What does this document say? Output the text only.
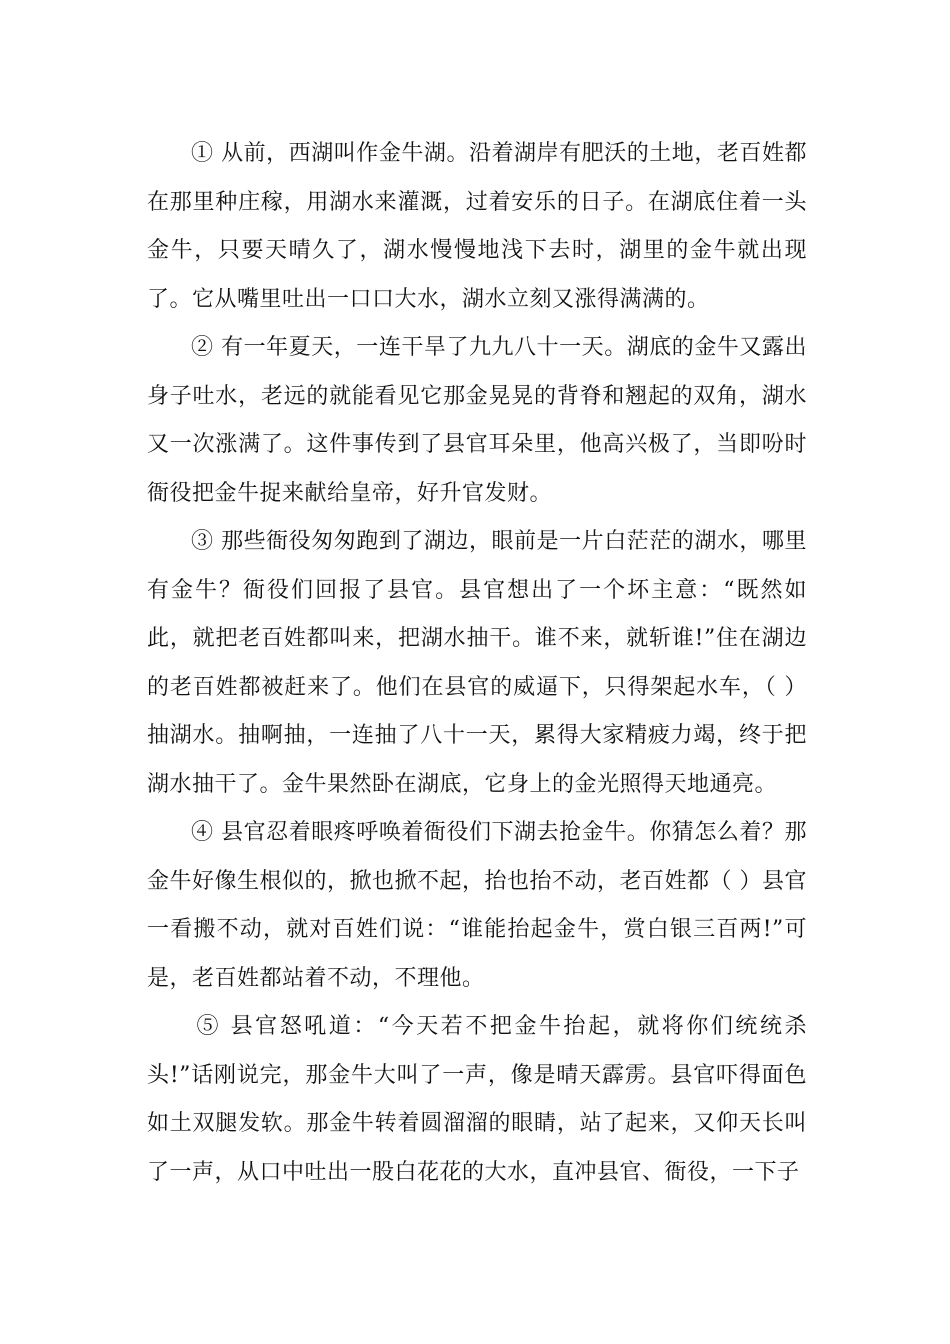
① 从前，西湖叫作金牛湖。沿着湖岸有肥沃的土地，老百姓都在那里种庄稼，用湖水来灌溉，过着安乐的日子。在湖底住着一头金牛，只要天晴久了，湖水慢慢地浅下去时，湖里的金牛就出现了。它从嘴里吐出一口口大水，湖水立刻又涨得满满的。

② 有一年夏天，一连干旱了九九八十一天。湖底的金牛又露出身子吐水，老远的就能看见它那金晃晃的背脊和翘起的双角，湖水又一次涨满了。这件事传到了县官耳朵里，他高兴极了，当即吩时衙役把金牛捉来献给皇帝，好升官发财。

③ 那些衙役匆匆跑到了湖边，眼前是一片白茫茫的湖水，哪里有金牛？衙役们回报了县官。县官想出了一个坏主意：“既然如此，就把老百姓都叫来，把湖水抽干。谁不来，就斩谁!”住在湖边的老百姓都被赶来了。他们在县官的威逼下，只得架起水车，（ ）抽湖水。抽啊抽，一连抽了八十一天，累得大家精疲力竭，终于把湖水抽干了。金牛果然卧在湖底，它身上的金光照得天地通亮。

④ 县官忍着眼疼呼唤着衙役们下湖去抢金牛。你猜怎么着？那金牛好像生根似的，掀也掀不起，抬也抬不动，老百姓都（ ）县官一看搬不动，就对百姓们说：“谁能抬起金牛，赏白银三百两!”可是，老百姓都站着不动，不理他。

⑤ 县官怒吼道：“今天若不把金牛抬起，就将你们统统杀头!”话刚说完，那金牛大叫了一声，像是晴天霹雳。县官吓得面色如土双腿发软。那金牛转着圆溜溜的眼睛，站了起来，又仰天长叫了一声，从口中吐出一股白花花的大水，直冲县官、衙役，一下子
